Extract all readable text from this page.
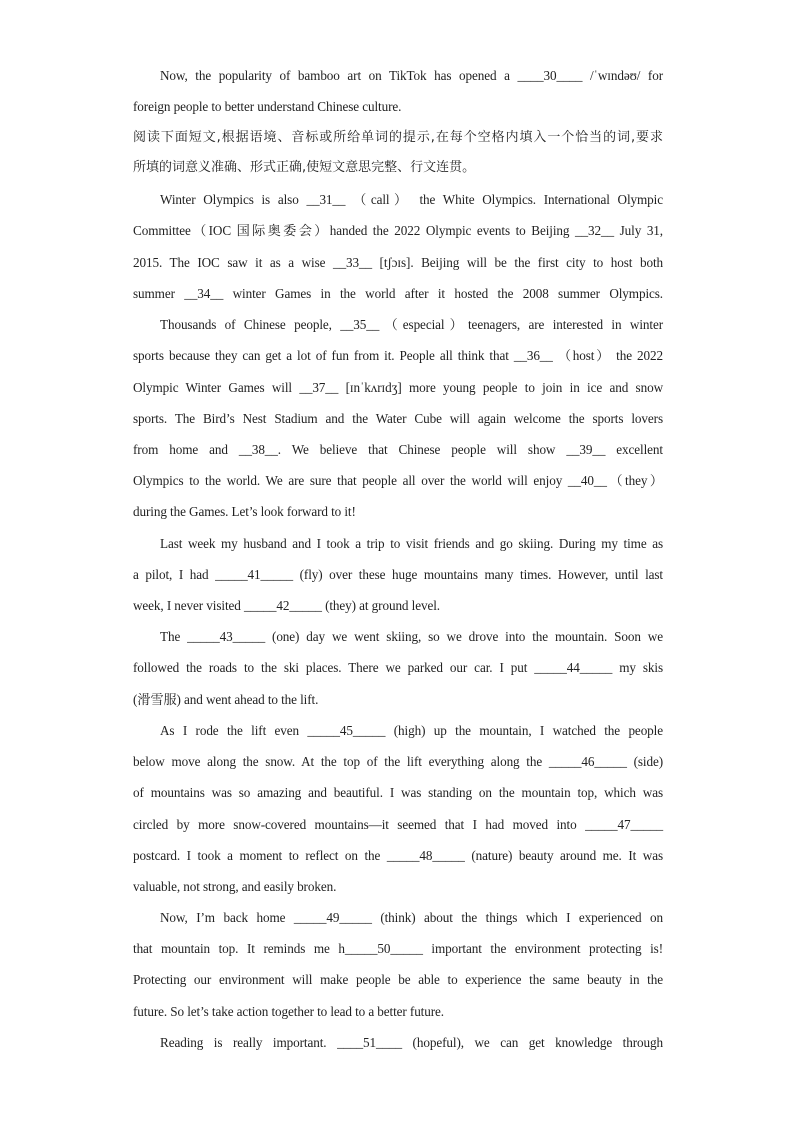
Now, the popularity of bamboo art on TikTok has opened a ____30____ /ˈwɪndəʊ/ for
foreign people to better understand Chinese culture.
阅读下面短文,根据语境、音标或所给单词的提示,在每个空格内填入一个恰当的词,要求
所填的词意义准确、形式正确,使短文意思完整、行文连贯。
Winter Olympics is also __31__ （call） the White Olympics. International Olympic
Committee（IOC 国际奥委会）handed the 2022 Olympic events to Beijing __32__ July 31,
2015. The IOC saw it as a wise __33__ [tʃɔɪs]. Beijing will be the first city to host both
summer __34__ winter Games in the world after it hosted the 2008 summer Olympics.
Thousands of Chinese people, __35__（especial）teenagers, are interested in winter
sports because they can get a lot of fun from it. People all think that __36__ （host） the 2022
Olympic Winter Games will __37__ [ɪnˈkʌrɪdʒ] more young people to join in ice and snow
sports. The Bird’s Nest Stadium and the Water Cube will again welcome the sports lovers
from home and __38__. We believe that Chinese people will show __39__ excellent
Olympics to the world. We are sure that people all over the world will enjoy __40__（they）
during the Games. Let’s look forward to it!
Last week my husband and I took a trip to visit friends and go skiing. During my time as
a pilot, I had _____41_____ (fly) over these huge mountains many times. However, until last
week, I never visited _____42_____ (they) at ground level.
The _____43_____ (one) day we went skiing, so we drove into the mountain. Soon we
followed the roads to the ski places. There we parked our car. I put _____44_____ my skis
(滑雪服) and went ahead to the lift.
As I rode the lift even _____45_____ (high) up the mountain, I watched the people
below move along the snow. At the top of the lift everything along the _____46_____ (side)
of mountains was so amazing and beautiful. I was standing on the mountain top, which was
circled by more snow-covered mountains—it seemed that I had moved into _____47_____
postcard. I took a moment to reflect on the _____48_____ (nature) beauty around me. It was
valuable, not strong, and easily broken.
Now, I’m back home _____49_____ (think) about the things which I experienced on
that mountain top. It reminds me h_____50_____ important the environment protecting is!
Protecting our environment will make people be able to experience the same beauty in the
future. So let’s take action together to lead to a better future.
Reading is really important. ____51____ (hopeful), we can get knowledge through
